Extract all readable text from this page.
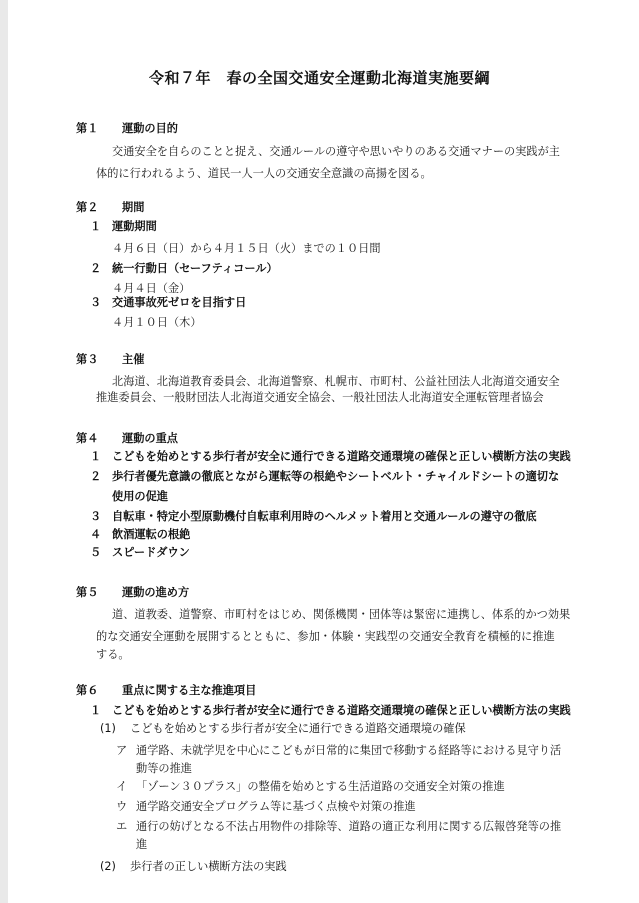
令和７年　春の全国交通安全運動北海道実施要綱
第１ 運動の目的
交通安全を自らのことと捉え、交通ルールの遵守や思いやりのある交通マナーの実践が主
体的に行われるよう、道民一人一人の交通安全意識の高揚を図る。
第２ 期間
１ 運動期間
４月６日（日）から４月１５日（火）までの１０日間
２ 統一行動日（セーフティコール）
４月４日（金）
３ 交通事故死ゼロを目指す日
４月１０日（木）
第３ 主催
北海道、北海道教育委員会、北海道警察、札幌市、市町村、公益社団法人北海道交通安全
推進委員会、一般財団法人北海道交通安全協会、一般社団法人北海道安全運転管理者協会
第４ 運動の重点
１ こどもを始めとする歩行者が安全に通行できる道路交通環境の確保と正しい横断方法の実践
２ 歩行者優先意識の徹底とながら運転等の根絶やシートベルト・チャイルドシートの適切な
使用の促進
３ 自転車・特定小型原動機付自転車利用時のヘルメット着用と交通ルールの遵守の徹底
４ 飲酒運転の根絶
５ スピードダウン
第５ 運動の進め方
道、道教委、道警察、市町村をはじめ、関係機関・団体等は緊密に連携し、体系的かつ効果
的な交通安全運動を展開するとともに、参加・体験・実践型の交通安全教育を積極的に推進
する。
第６ 重点に関する主な推進項目
１ こどもを始めとする歩行者が安全に通行できる道路交通環境の確保と正しい横断方法の実践
(1) こどもを始めとする歩行者が安全に通行できる道路交通環境の確保
ア 通学路、未就学児を中心にこどもが日常的に集団で移動する経路等における見守り活
動等の推進
イ 「ゾーン３０プラス」の整備を始めとする生活道路の交通安全対策の推進
ウ 通学路交通安全プログラム等に基づく点検や対策の推進
エ 通行の妨げとなる不法占用物件の排除等、道路の適正な利用に関する広報啓発等の推
進
(2) 歩行者の正しい横断方法の実践
